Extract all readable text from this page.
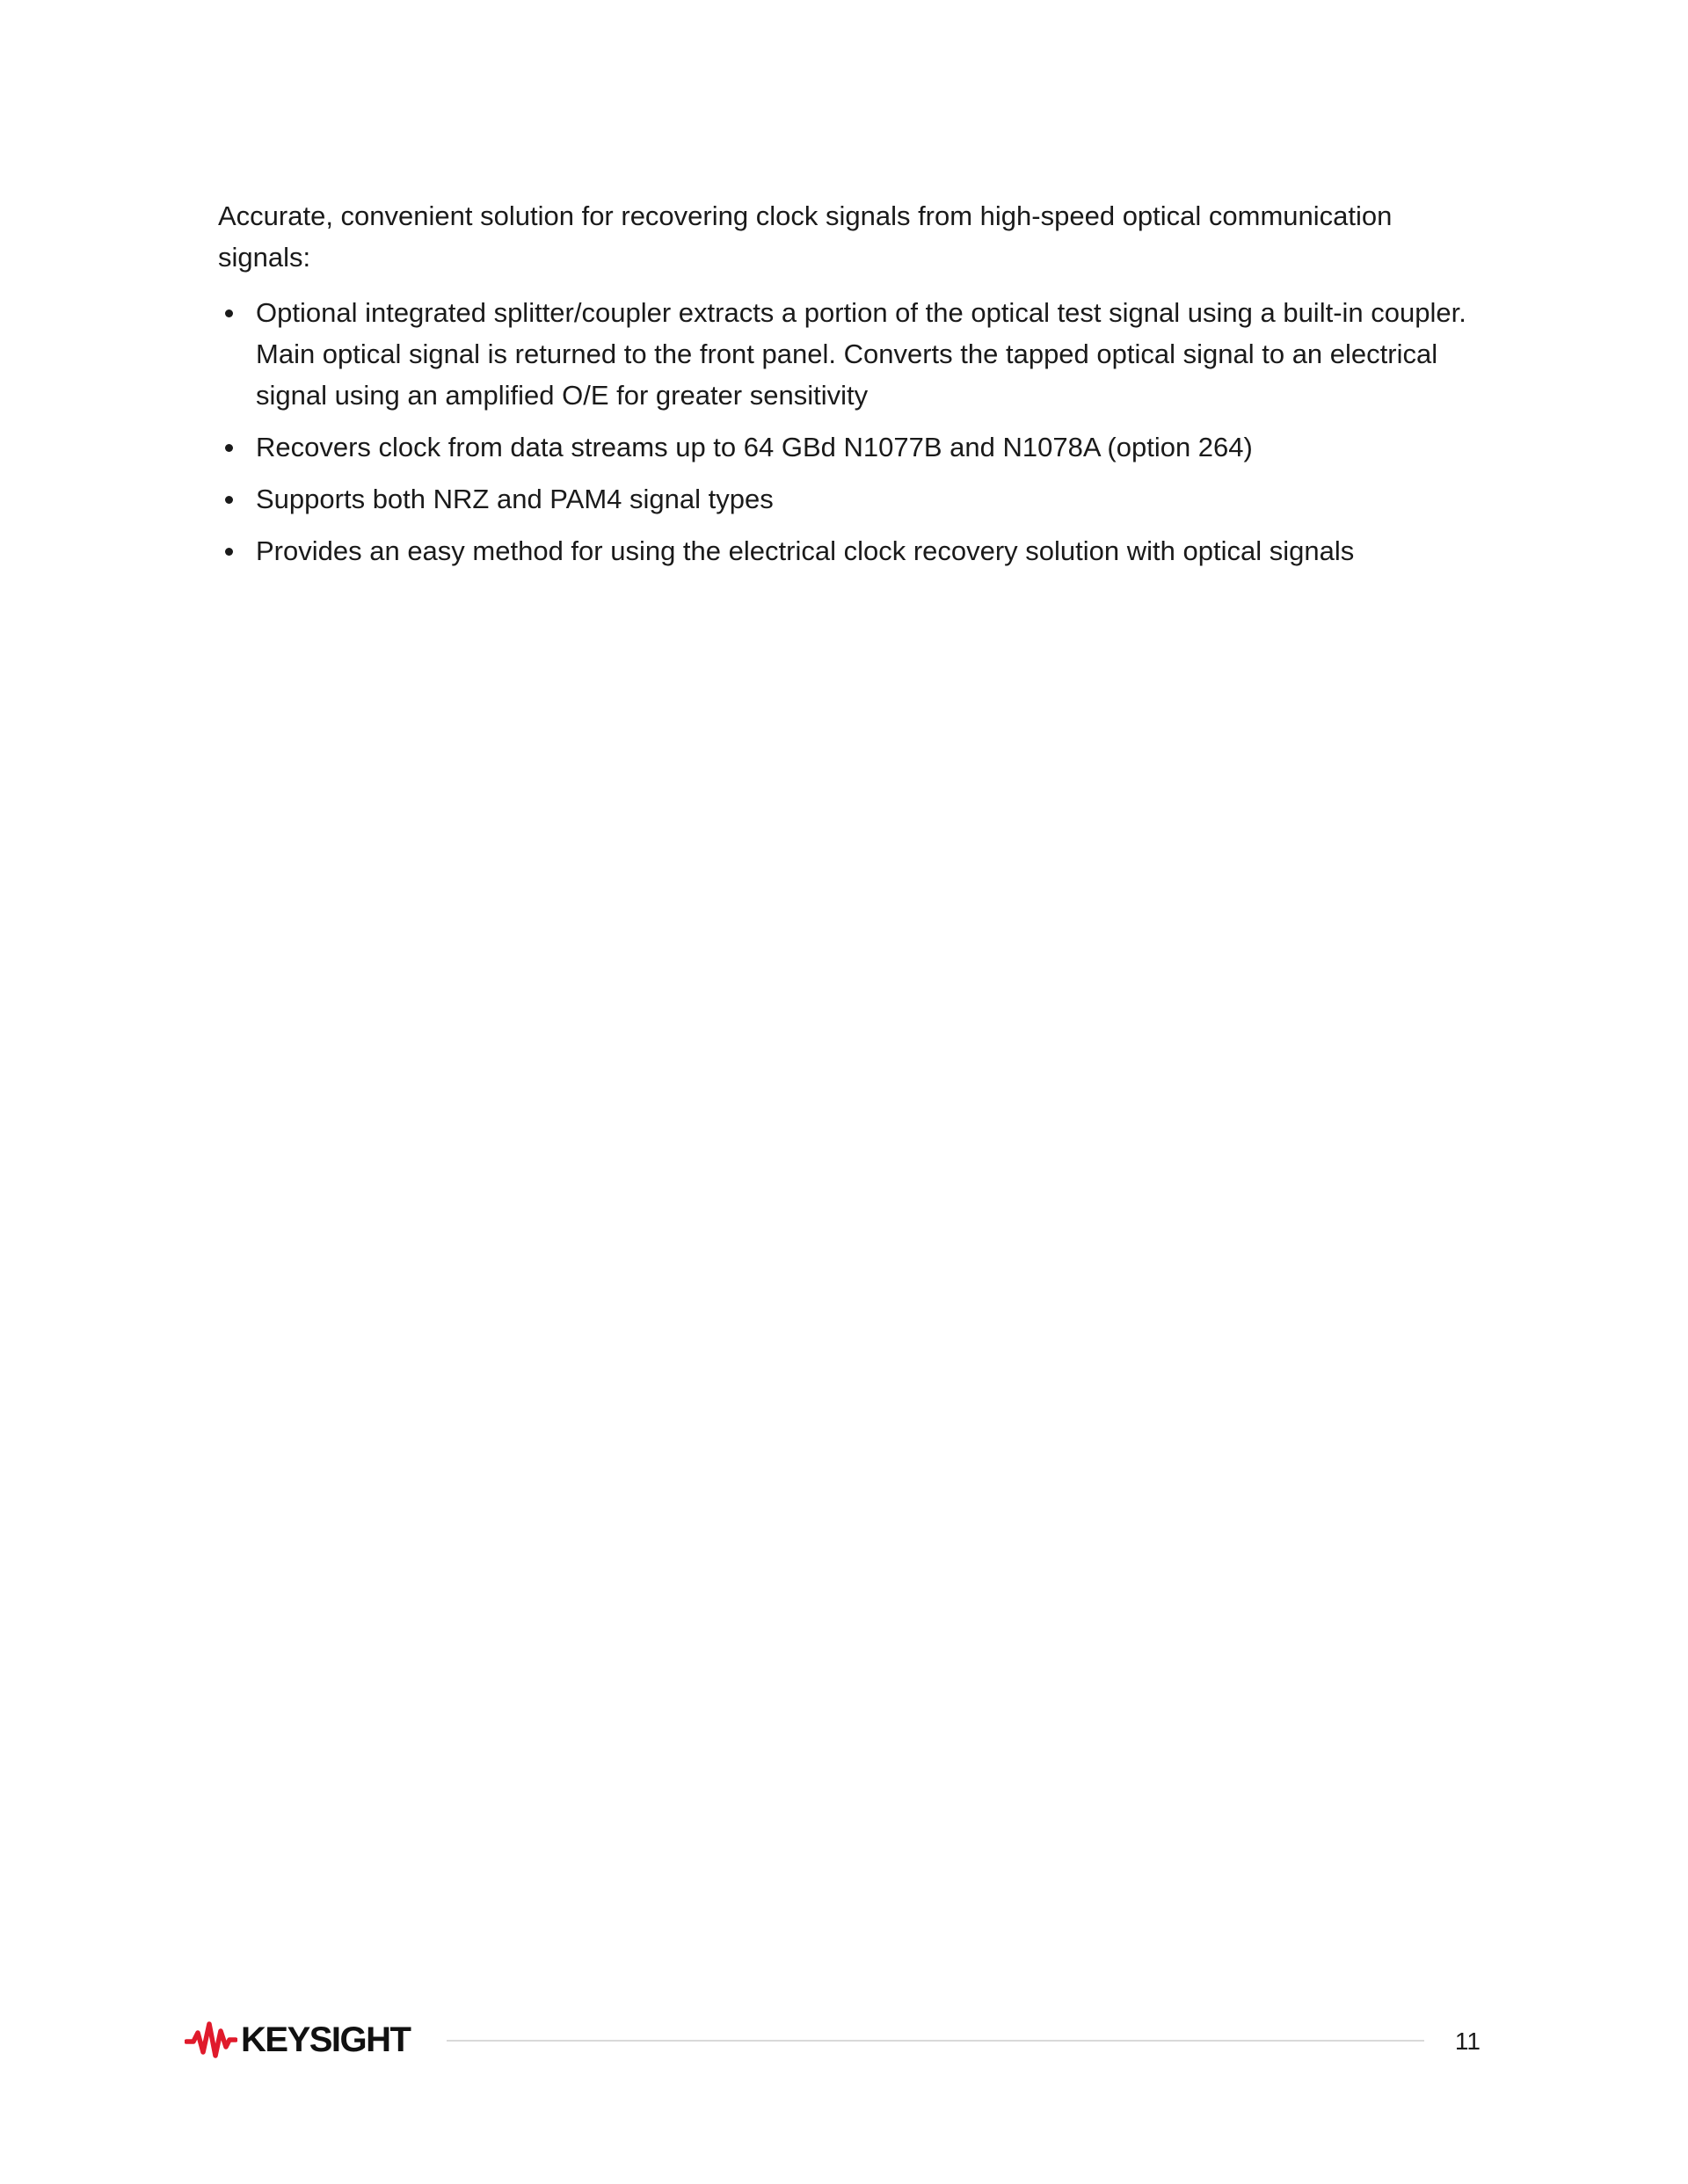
Accurate, convenient solution for recovering clock signals from high-speed optical communication signals:

Optional integrated splitter/coupler extracts a portion of the optical test signal using a built-in coupler. Main optical signal is returned to the front panel. Converts the tapped optical signal to an electrical signal using an amplified O/E for greater sensitivity
Recovers clock from data streams up to 64 GBd N1077B and N1078A (option 264)
Supports both NRZ and PAM4 signal types
Provides an easy method for using the electrical clock recovery solution with optical signals
KEYSIGHT	11
